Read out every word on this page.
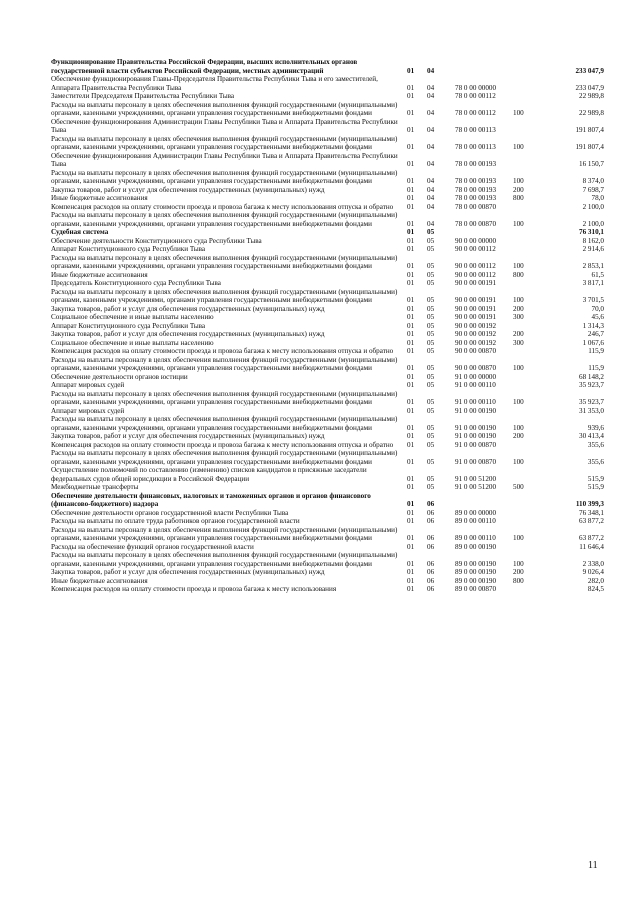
Функционирование Правительства Российской Федерации, высших исполнительных органов государственной власти субъектов Российской Федерации, местных администраций	01	04			233 047,9
Обеспечение функционирования Главы-Председателя Правительства Республики Тыва и его заместителей, Аппарата Правительства Республики Тыва	01	04	78 0 00 00000		233 047,9
Заместители Председателя Правительства Республики Тыва	01	04	78 0 00 00112		22 989,8
Расходы на выплаты персоналу в целях обеспечения выполнения функций государственными (муниципальными) органами, казенными учреждениями, органами управления государственными внебюджетными фондами	01	04	78 0 00 00112	100	22 989,8
Обеспечение функционирования Администрации Главы Республики Тыва и Аппарата Правительства Республики Тыва	01	04	78 0 00 00113		191 807,4
Расходы на выплаты персоналу в целях обеспечения выполнения функций государственными (муниципальными) органами, казенными учреждениями, органами управления государственными внебюджетными фондами	01	04	78 0 00 00113	100	191 807,4
Обеспечение функционирования Администрации Главы Республики Тыва и Аппарата Правительства Республики Тыва	01	04	78 0 00 00193		16 150,7
Расходы на выплаты персоналу в целях обеспечения выполнения функций государственными (муниципальными) органами, казенными учреждениями, органами управления государственными внебюджетными фондами	01	04	78 0 00 00193	100	8 374,0
Закупка товаров, работ и услуг для обеспечения государственных (муниципальных) нужд	01	04	78 0 00 00193	200	7 698,7
Иные бюджетные ассигнования	01	04	78 0 00 00193	800	78,0
Компенсация расходов на оплату стоимости проезда и провоза багажа к месту использования отпуска и обратно	01	04	78 0 00 00870		2 100,0
Расходы на выплаты персоналу в целях обеспечения выполнения функций государственными (муниципальными) органами, казенными учреждениями, органами управления государственными внебюджетными фондами	01	04	78 0 00 00870	100	2 100,0
Судебная система	01	05			76 310,1
Обеспечение деятельности Конституционного суда Республики Тыва	01	05	90 0 00 00000		8 162,0
Аппарат Конституционного суда Республики Тыва	01	05	90 0 00 00112		2 914,6
Расходы на выплаты персоналу в целях обеспечения выполнения функций государственными (муниципальными) органами, казенными учреждениями, органами управления государственными внебюджетными фондами	01	05	90 0 00 00112	100	2 853,1
Иные бюджетные ассигнования	01	05	90 0 00 00112	800	61,5
Председатель Конституционного суда Республики Тыва	01	05	90 0 00 00191		3 817,1
Расходы на выплаты персоналу в целях обеспечения выполнения функций государственными (муниципальными) органами, казенными учреждениями, органами управления государственными внебюджетными фондами	01	05	90 0 00 00191	100	3 701,5
Закупка товаров, работ и услуг для обеспечения государственных (муниципальных) нужд	01	05	90 0 00 00191	200	70,0
Социальное обеспечение и иные выплаты населению	01	05	90 0 00 00191	300	45,6
Аппарат Конституционного суда Республики Тыва	01	05	90 0 00 00192		1 314,3
Закупка товаров, работ и услуг для обеспечения государственных (муниципальных) нужд	01	05	90 0 00 00192	200	246,7
Социальное обеспечение и иные выплаты населению	01	05	90 0 00 00192	300	1 067,6
Компенсация расходов на оплату стоимости проезда и провоза багажа к месту использования отпуска и обратно	01	05	90 0 00 00870		115,9
Расходы на выплаты персоналу в целях обеспечения выполнения функций государственными (муниципальными) органами, казенными учреждениями, органами управления государственными внебюджетными фондами	01	05	90 0 00 00870	100	115,9
Обеспечение деятельности органов юстиции	01	05	91 0 00 00000		68 148,2
Аппарат мировых судей	01	05	91 0 00 00110		35 923,7
Расходы на выплаты персоналу в целях обеспечения выполнения функций государственными (муниципальными) органами, казенными учреждениями, органами управления государственными внебюджетными фондами	01	05	91 0 00 00110	100	35 923,7
Аппарат мировых судей	01	05	91 0 00 00190		31 353,0
Расходы на выплаты персоналу в целях обеспечения выполнения функций государственными (муниципальными) органами, казенными учреждениями, органами управления государственными внебюджетными фондами	01	05	91 0 00 00190	100	939,6
Закупка товаров, работ и услуг для обеспечения государственных (муниципальных) нужд	01	05	91 0 00 00190	200	30 413,4
Компенсация расходов на оплату стоимости проезда и провоза багажа к месту использования отпуска и обратно	01	05	91 0 00 00870		355,6
Расходы на выплаты персоналу в целях обеспечения выполнения функций государственными (муниципальными) органами, казенными учреждениями, органами управления государственными внебюджетными фондами	01	05	91 0 00 00870	100	355,6
Осуществление полномочий по составлению (изменению) списков кандидатов в присяжные заседатели федеральных судов общей юрисдикции в Российской Федерации	01	05	91 0 00 51200		515,9
Межбюджетные трансферты	01	05	91 0 00 51200	500	515,9
Обеспечение деятельности финансовых, налоговых и таможенных органов и органов финансового (финансово-бюджетного) надзора	01	06			110 399,3
Обеспечение деятельности органов государственной власти Республики Тыва	01	06	89 0 00 00000		76 348,1
Расходы на выплаты по оплате труда работников органов государственной власти	01	06	89 0 00 00110		63 877,2
Расходы на выплаты персоналу в целях обеспечения выполнения функций государственными (муниципальными) органами, казенными учреждениями, органами управления государственными внебюджетными фондами	01	06	89 0 00 00110	100	63 877,2
Расходы на обеспечение функций органов государственной власти	01	06	89 0 00 00190		11 646,4
Расходы на выплаты персоналу в целях обеспечения выполнения функций государственными (муниципальными) органами, казенными учреждениями, органами управления государственными внебюджетными фондами	01	06	89 0 00 00190	100	2 338,0
Закупка товаров, работ и услуг для обеспечения государственных (муниципальных) нужд	01	06	89 0 00 00190	200	9 026,4
Иные бюджетные ассигнования	01	06	89 0 00 00190	800	282,0
Компенсация расходов на оплату стоимости проезда и провоза багажа к месту использования	01	06	89 0 00 00870		824,5
11
